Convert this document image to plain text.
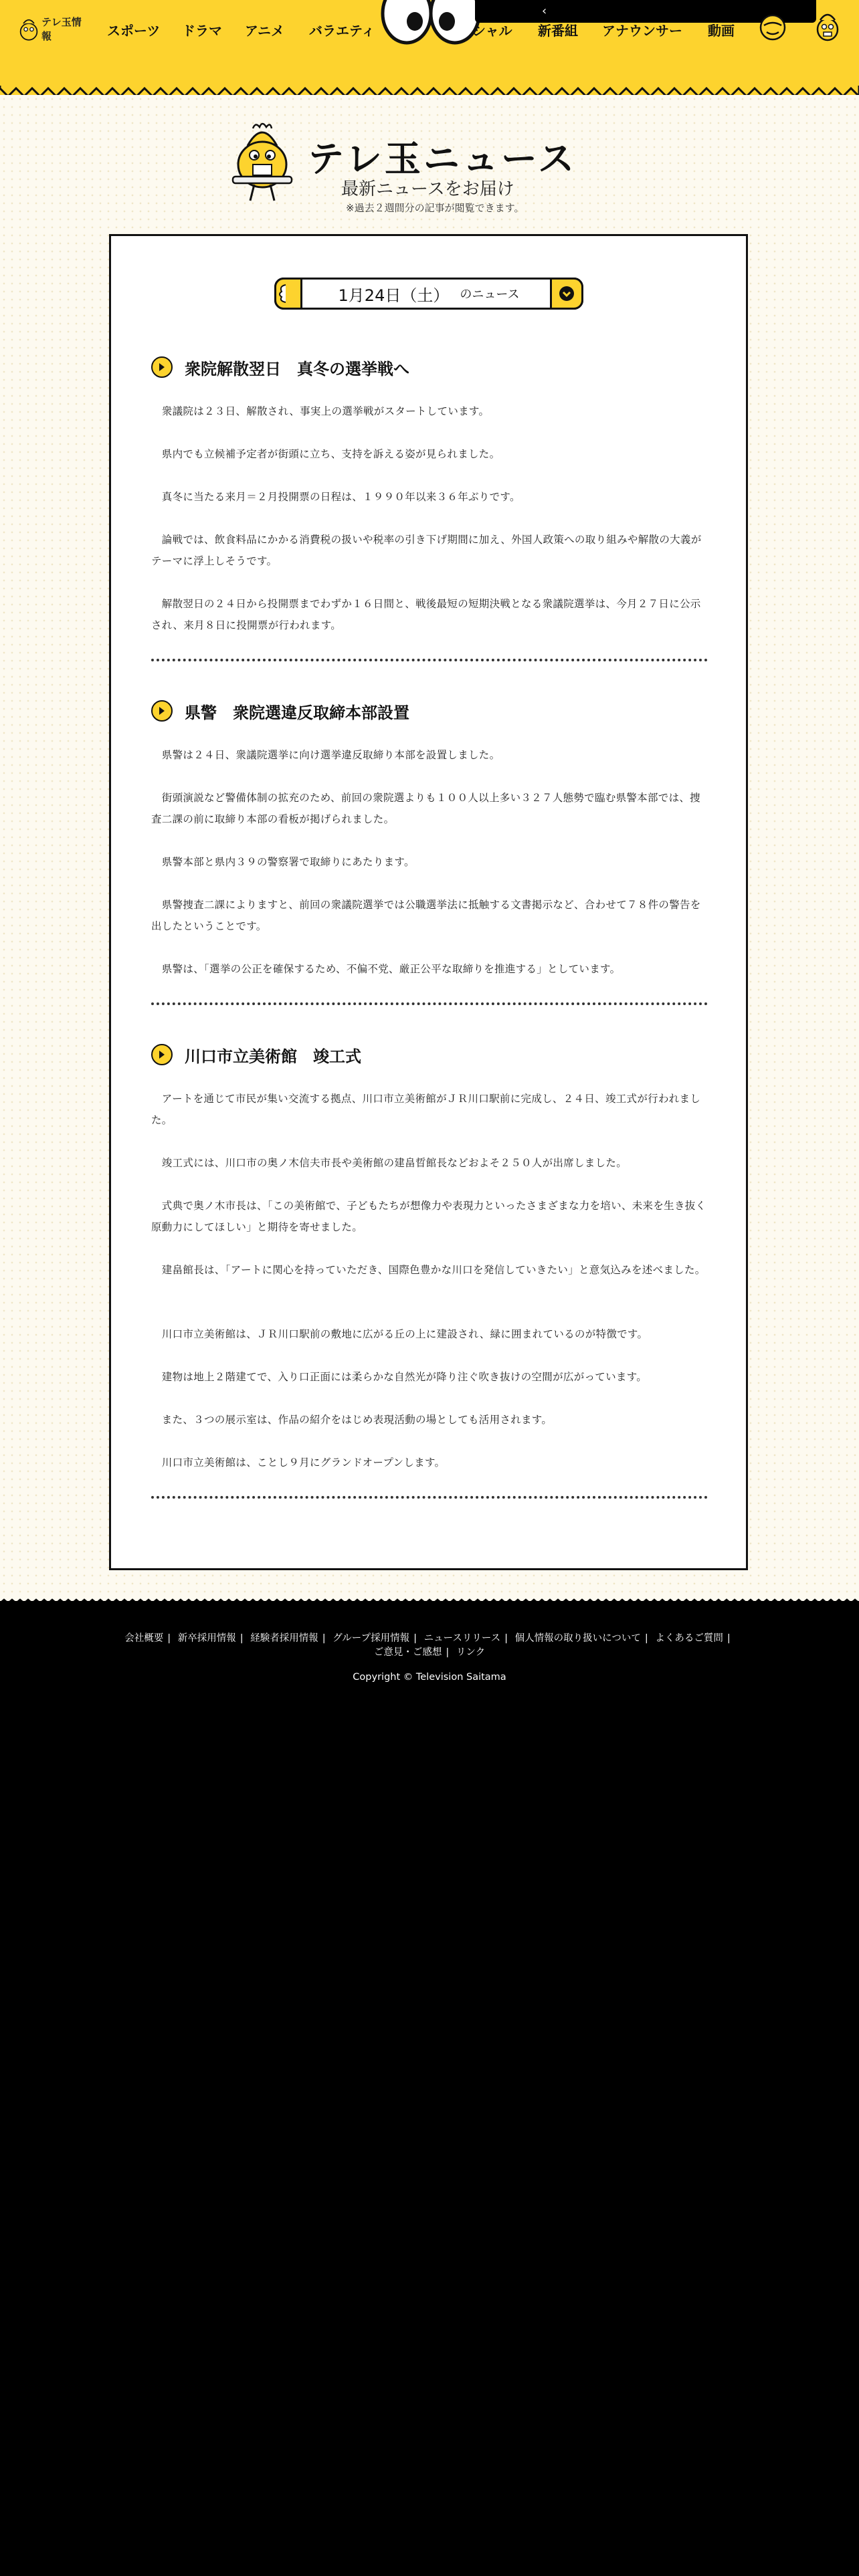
テレ玉情報	スポーツ ドラマ アニメ バラエティ
‹
シャル 新番組 アナウンサー 動画
テレ玉ニュース
最新ニュースをお届け
※過去２週間分の記事が閲覧できます。
1月24日（土） のニュース
衆院解散翌日　真冬の選挙戦へ

　衆議院は２３日、解散され、事実上の選挙戦がスタートしています。

　県内でも立候補予定者が街頭に立ち、支持を訴える姿が見られました。

　真冬に当たる来月＝２月投開票の日程は、１９９０年以来３６年ぶりです。

　論戦では、飲食料品にかかる消費税の扱いや税率の引き下げ期間に加え、外国人政策への取り組みや解散の大義がテーマに浮上しそうです。

　解散翌日の２４日から投開票までわずか１６日間と、戦後最短の短期決戦となる衆議院選挙は、今月２７日に公示され、来月８日に投開票が行われます。

県警　衆院選違反取締本部設置

　県警は２４日、衆議院選挙に向け選挙違反取締り本部を設置しました。

　街頭演説など警備体制の拡充のため、前回の衆院選よりも１００人以上多い３２７人態勢で臨む県警本部では、捜査二課の前に取締り本部の看板が掲げられました。

　県警本部と県内３９の警察署で取締りにあたります。

　県警捜査二課によりますと、前回の衆議院選挙では公職選挙法に抵触する文書掲示など、合わせて７８件の警告を出したということです。

　県警は、「選挙の公正を確保するため、不偏不党、厳正公平な取締りを推進する」としています。

川口市立美術館　竣工式

　アートを通じて市民が集い交流する拠点、川口市立美術館がＪＲ川口駅前に完成し、２４日、竣工式が行われました。

　竣工式には、川口市の奥ノ木信夫市長や美術館の建畠晢館長などおよそ２５０人が出席しました。

　式典で奥ノ木市長は、「この美術館で、子どもたちが想像力や表現力といったさまざまな力を培い、未来を生き抜く原動力にしてほしい」と期待を寄せました。

　建畠館長は、「アートに関心を持っていただき、国際色豊かな川口を発信していきたい」と意気込みを述べました。

　川口市立美術館は、ＪＲ川口駅前の敷地に広がる丘の上に建設され、緑に囲まれているのが特徴です。

　建物は地上２階建てで、入り口正面には柔らかな自然光が降り注ぐ吹き抜けの空間が広がっています。

　また、３つの展示室は、作品の紹介をはじめ表現活動の場としても活用されます。

　川口市立美術館は、ことし９月にグランドオープンします。

会社概要 | 新卒採用情報 | 経験者採用情報 | グループ採用情報 | ニュースリリース | 個人情報の取り扱いについて | よくあるご質問 |
ご意見・ご感想 | リンク
Copyright © Television Saitama
